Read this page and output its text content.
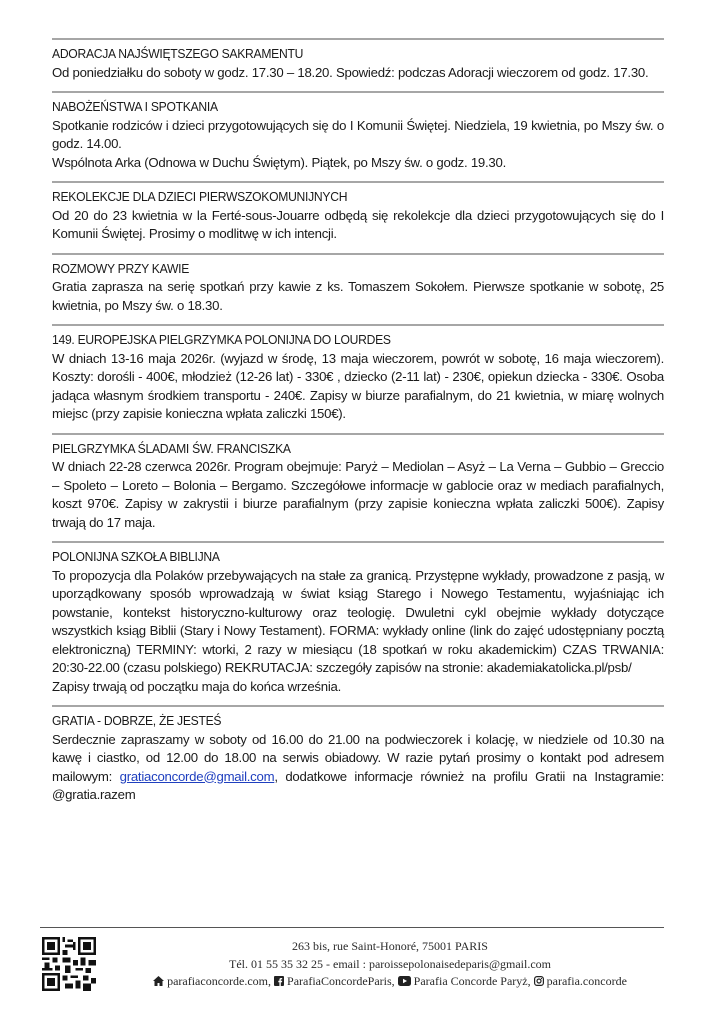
ADORACJA NAJŚWIĘTSZEGO SAKRAMENTU

Od poniedziałku do soboty w godz. 17.30 – 18.20. Spowiedź: podczas Adoracji wieczorem od godz. 17.30.

NABOŻEŃSTWA I SPOTKANIA

Spotkanie rodziców i dzieci przygotowujących się do I Komunii Świętej. Niedziela, 19 kwietnia, po Mszy św. o godz. 14.00.

Wspólnota Arka (Odnowa w Duchu Świętym). Piątek, po Mszy św. o godz. 19.30.

REKOLEKCJE DLA DZIECI PIERWSZOKOMUNIJNYCH

Od 20 do 23 kwietnia w la Ferté-sous-Jouarre odbędą się rekolekcje dla dzieci przygotowujących się do I Komunii Świętej. Prosimy o modlitwę w ich intencji.

ROZMOWY PRZY KAWIE

Gratia zaprasza na serię spotkań przy kawie z ks. Tomaszem Sokołem. Pierwsze spotkanie w sobotę, 25 kwietnia, po Mszy św. o 18.30.

149. EUROPEJSKA PIELGRZYMKA POLONIJNA DO LOURDES

W dniach 13-16 maja 2026r. (wyjazd w środę, 13 maja wieczorem, powrót w sobotę, 16 maja wieczorem). Koszty: dorośli - 400€, młodzież (12-26 lat) - 330€ , dziecko (2-11 lat) - 230€, opiekun dziecka - 330€. Osoba jadąca własnym środkiem transportu - 240€. Zapisy w biurze parafialnym, do 21 kwietnia, w miarę wolnych miejsc (przy zapisie konieczna wpłata zaliczki 150€).

PIELGRZYMKA ŚLADAMI ŚW. FRANCISZKA

W dniach 22-28 czerwca 2026r. Program obejmuje: Paryż – Mediolan – Asyż – La Verna – Gubbio – Greccio – Spoleto – Loreto – Bolonia – Bergamo. Szczegółowe informacje w gablocie oraz w mediach parafialnych, koszt 970€. Zapisy w zakrystii i biurze parafialnym (przy zapisie konieczna wpłata zaliczki 500€). Zapisy trwają do 17 maja.

POLONIJNA SZKOŁA BIBLIJNA

To propozycja dla Polaków przebywających na stałe za granicą. Przystępne wykłady, prowadzone z pasją, w uporządkowany sposób wprowadzają w świat ksiąg Starego i Nowego Testamentu, wyjaśniając ich powstanie, kontekst historyczno-kulturowy oraz teologię. Dwuletni cykl obejmie wykłady dotyczące wszystkich ksiąg Biblii (Stary i Nowy Testament). FORMA: wykłady online (link do zajęć udostępniany pocztą elektroniczną) TERMINY: wtorki, 2 razy w miesiącu (18 spotkań w roku akademickim) CZAS TRWANIA: 20:30-22.00 (czasu polskiego) REKRUTACJA: szczegóły zapisów na stronie: akademiakatolicka.pl/psb/

Zapisy trwają od początku maja do końca września.

GRATIA - DOBRZE, ŻE JESTEŚ

Serdecznie zapraszamy w soboty od 16.00 do 21.00 na podwieczorek i kolację, w niedziele od 10.30 na kawę i ciastko, od 12.00 do 18.00 na serwis obiadowy. W razie pytań prosimy o kontakt pod adresem mailowym: gratiaconcorde@gmail.com, dodatkowe informacje również na profilu Gratii na Instagramie: @gratia.razem

263 bis, rue Saint-Honoré, 75001 PARIS
Tél. 01 55 35 32 25 - email : paroissepolonaisedeparis@gmail.com
parafiaconcorde.com, ParafiaConcordeParis, Parafia Concorde Paryż, parafia.concorde
